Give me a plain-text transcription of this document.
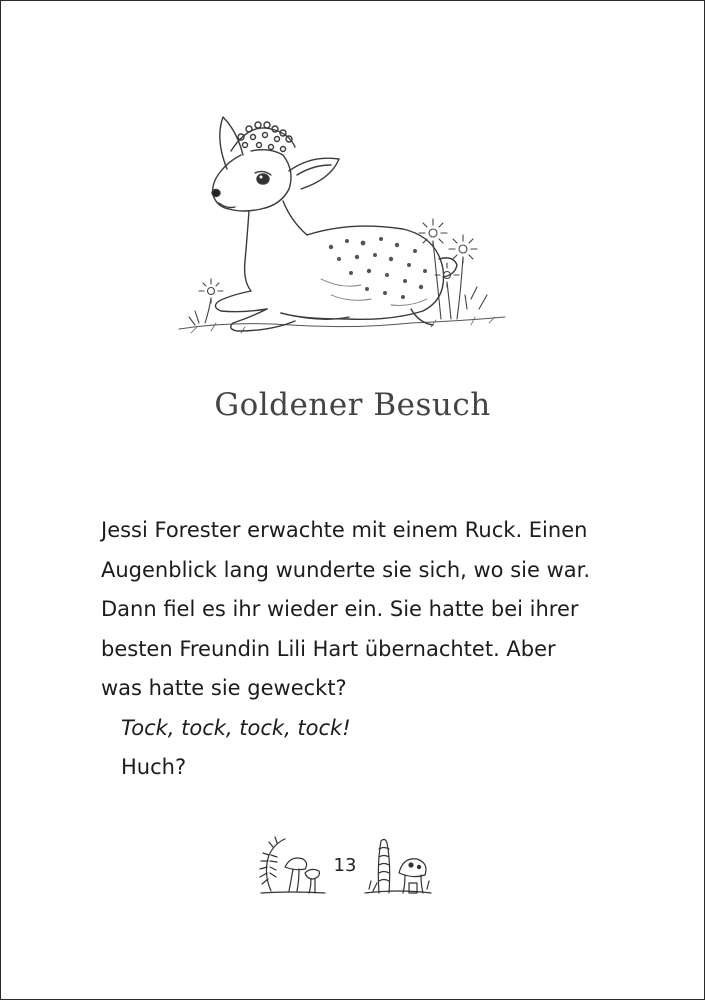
Goldener Besuch
Jessi Forester erwachte mit einem Ruck. Einen
Augenblick lang wunderte sie sich, wo sie war.
Dann fiel es ihr wieder ein. Sie hatte bei ihrer
besten Freundin Lili Hart übernachtet. Aber
was hatte sie geweckt?
Tock, tock, tock, tock!
Huch?
13
